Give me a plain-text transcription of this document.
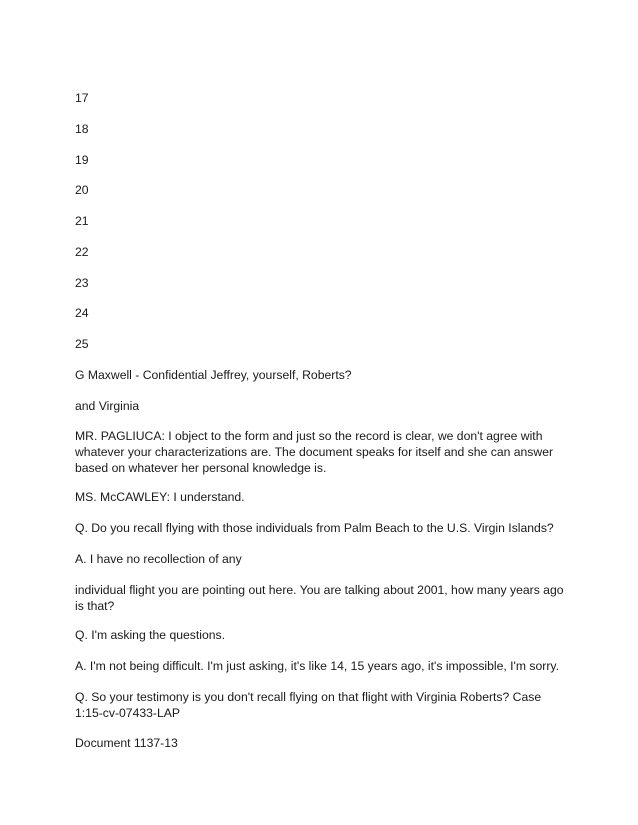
17

18

19

20

21

22

23

24

25

G Maxwell - Confidential Jeffrey, yourself, Roberts?

and Virginia

MR. PAGLIUCA: I object to the form and just so the record is clear, we don't agree with whatever your characterizations are. The document speaks for itself and she can answer based on whatever her personal knowledge is.

MS. McCAWLEY: I understand.

Q. Do you recall flying with those individuals from Palm Beach to the U.S. Virgin Islands?

A. I have no recollection of any

individual flight you are pointing out here. You are talking about 2001, how many years ago is that?

Q. I'm asking the questions.

A. I'm not being difficult. I'm just asking, it's like 14, 15 years ago, it's impossible, I'm sorry.

Q. So your testimony is you don't recall flying on that flight with Virginia Roberts? Case 1:15-cv-07433-LAP

Document 1137-13
